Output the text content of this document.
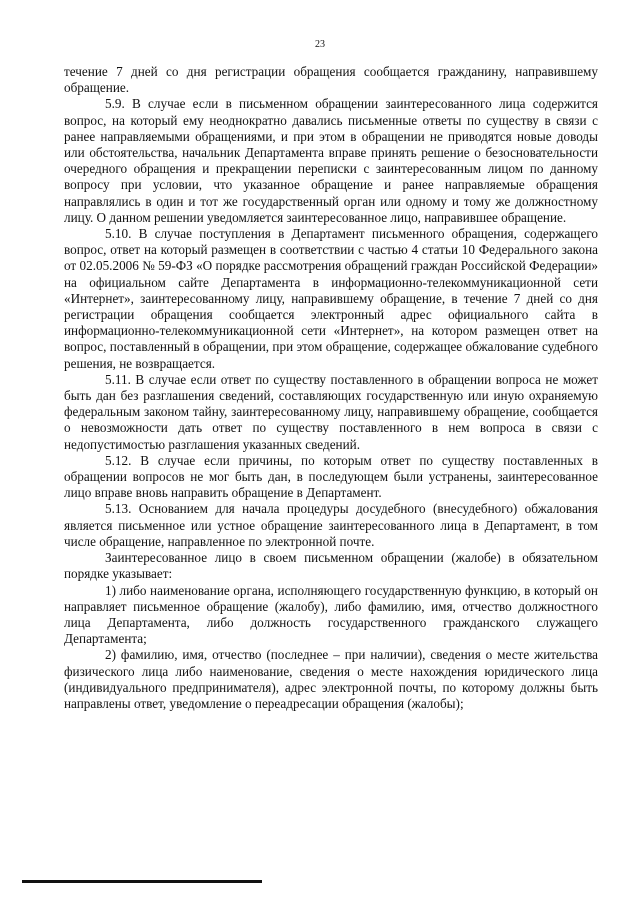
23

течение 7 дней со дня регистрации обращения сообщается гражданину, направившему обращение.

5.9. В случае если в письменном обращении заинтересованного лица содержится вопрос, на который ему неоднократно давались письменные ответы по существу в связи с ранее направляемыми обращениями, и при этом в обращении не приводятся новые доводы или обстоятельства, начальник Департамента вправе принять решение о безосновательности очередного обращения и прекращении переписки с заинтересованным лицом по данному вопросу при условии, что указанное обращение и ранее направляемые обращения направлялись в один и тот же государственный орган или одному и тому же должностному лицу. О данном решении уведомляется заинтересованное лицо, направившее обращение.

5.10. В случае поступления в Департамент письменного обращения, содержащего вопрос, ответ на который размещен в соответствии с частью 4 статьи 10 Федерального закона от 02.05.2006 № 59-ФЗ «О порядке рассмотрения обращений граждан Российской Федерации» на официальном сайте Департамента в информационно-телекоммуникационной сети «Интернет», заинтересованному лицу, направившему обращение, в течение 7 дней со дня регистрации обращения сообщается электронный адрес официального сайта в информационно-телекоммуникационной сети «Интернет», на котором размещен ответ на вопрос, поставленный в обращении, при этом обращение, содержащее обжалование судебного решения, не возвращается.

5.11. В случае если ответ по существу поставленного в обращении вопроса не может быть дан без разглашения сведений, составляющих государственную или иную охраняемую федеральным законом тайну, заинтересованному лицу, направившему обращение, сообщается о невозможности дать ответ по существу поставленного в нем вопроса в связи с недопустимостью разглашения указанных сведений.

5.12. В случае если причины, по которым ответ по существу поставленных в обращении вопросов не мог быть дан, в последующем были устранены, заинтересованное лицо вправе вновь направить обращение в Департамент.

5.13. Основанием для начала процедуры досудебного (внесудебного) обжалования является письменное или устное обращение заинтересованного лица в Департамент, в том числе обращение, направленное по электронной почте.

Заинтересованное лицо в своем письменном обращении (жалобе) в обязательном порядке указывает:

1) либо наименование органа, исполняющего государственную функцию, в который он направляет письменное обращение (жалобу), либо фамилию, имя, отчество должностного лица Департамента, либо должность государственного гражданского служащего Департамента;

2) фамилию, имя, отчество (последнее – при наличии), сведения о месте жительства физического лица либо наименование, сведения о месте нахождения юридического лица (индивидуального предпринимателя), адрес электронной почты, по которому должны быть направлены ответ, уведомление о переадресации обращения (жалобы);
